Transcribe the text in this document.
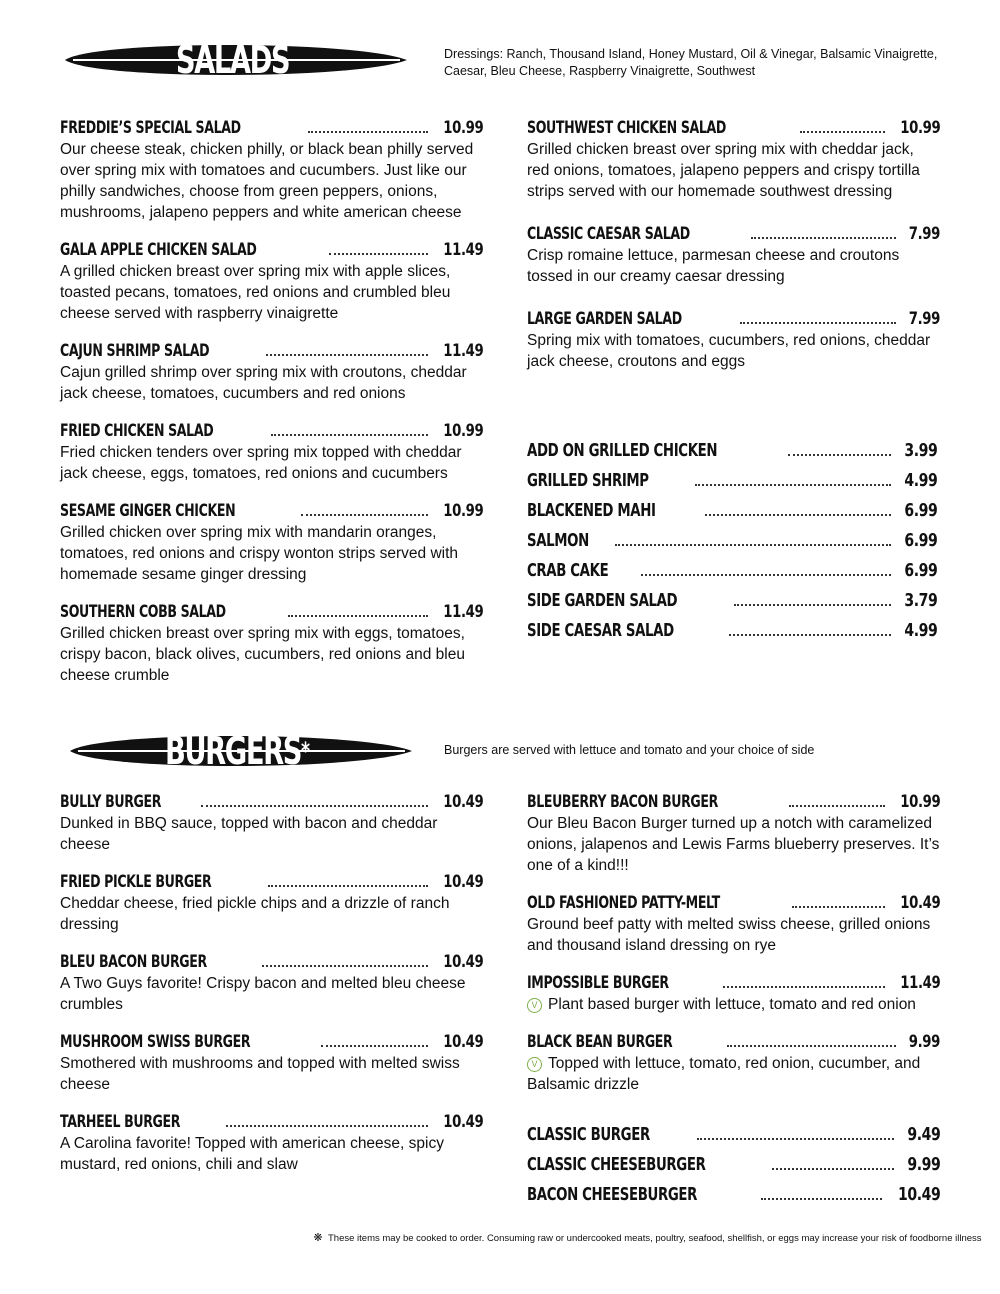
SALADS	Dressings: Ranch, Thousand Island, Honey Mustard, Oil & Vinegar, Balsamic Vinaigrette, Caesar, Bleu Cheese, Raspberry Vinaigrette, Southwest
FREDDIE’S SPECIAL SALAD	10.99
Our cheese steak, chicken philly, or black bean philly served over spring mix with tomatoes and cucumbers. Just like our philly sandwiches, choose from green peppers, onions, mushrooms, jalapeno peppers and white american cheese
GALA APPLE CHICKEN SALAD	11.49
A grilled chicken breast over spring mix with apple slices, toasted pecans, tomatoes, red onions and crumbled bleu cheese served with raspberry vinaigrette
CAJUN SHRIMP SALAD	11.49
Cajun grilled shrimp over spring mix with croutons, cheddar jack cheese, tomatoes, cucumbers and red onions
FRIED CHICKEN SALAD	10.99
Fried chicken tenders over spring mix topped with cheddar jack cheese, eggs, tomatoes, red onions and cucumbers
SESAME GINGER CHICKEN	10.99
Grilled chicken over spring mix with mandarin oranges, tomatoes, red onions and crispy wonton strips served with homemade sesame ginger dressing
SOUTHERN COBB SALAD	11.49
Grilled chicken breast over spring mix with eggs, tomatoes, crispy bacon, black olives, cucumbers, red onions and bleu cheese crumble
SOUTHWEST CHICKEN SALAD	10.99
Grilled chicken breast over spring mix with cheddar jack, red onions, tomatoes, jalapeno peppers and crispy tortilla strips served with our homemade southwest dressing
CLASSIC CAESAR SALAD	7.99
Crisp romaine lettuce, parmesan cheese and croutons tossed in our creamy caesar dressing
LARGE GARDEN SALAD	7.99
Spring mix with tomatoes, cucumbers, red onions, cheddar jack cheese, croutons and eggs
ADD ON GRILLED CHICKEN	3.99
GRILLED SHRIMP	4.99
BLACKENED MAHI	6.99
SALMON	6.99
CRAB CAKE	6.99
SIDE GARDEN SALAD	3.79
SIDE CAESAR SALAD	4.99
BURGERS*	Burgers are served with lettuce and tomato and your choice of side
BULLY BURGER	10.49
Dunked in BBQ sauce, topped with bacon and cheddar cheese
FRIED PICKLE BURGER	10.49
Cheddar cheese, fried pickle chips and a drizzle of ranch dressing
BLEU BACON BURGER	10.49
A Two Guys favorite! Crispy bacon and melted bleu cheese crumbles
MUSHROOM SWISS BURGER	10.49
Smothered with mushrooms and topped with melted swiss cheese
TARHEEL BURGER	10.49
A Carolina favorite! Topped with american cheese, spicy mustard, red onions, chili and slaw
BLEUBERRY BACON BURGER	10.99
Our Bleu Bacon Burger turned up a notch with caramelized onions, jalapenos and Lewis Farms blueberry preserves. It’s one of a kind!!!
OLD FASHIONED PATTY-MELT	10.49
Ground beef patty with melted swiss cheese, grilled onions and thousand island dressing on rye
IMPOSSIBLE BURGER	11.49
V Plant based burger with lettuce, tomato and red onion
BLACK BEAN BURGER	9.99
V Topped with lettuce, tomato, red onion, cucumber, and Balsamic drizzle
CLASSIC BURGER	9.49
CLASSIC CHEESEBURGER	9.99
BACON CHEESEBURGER	10.49
❋ These items may be cooked to order. Consuming raw or undercooked meats, poultry, seafood, shellfish, or eggs may increase your risk of foodborne illness
